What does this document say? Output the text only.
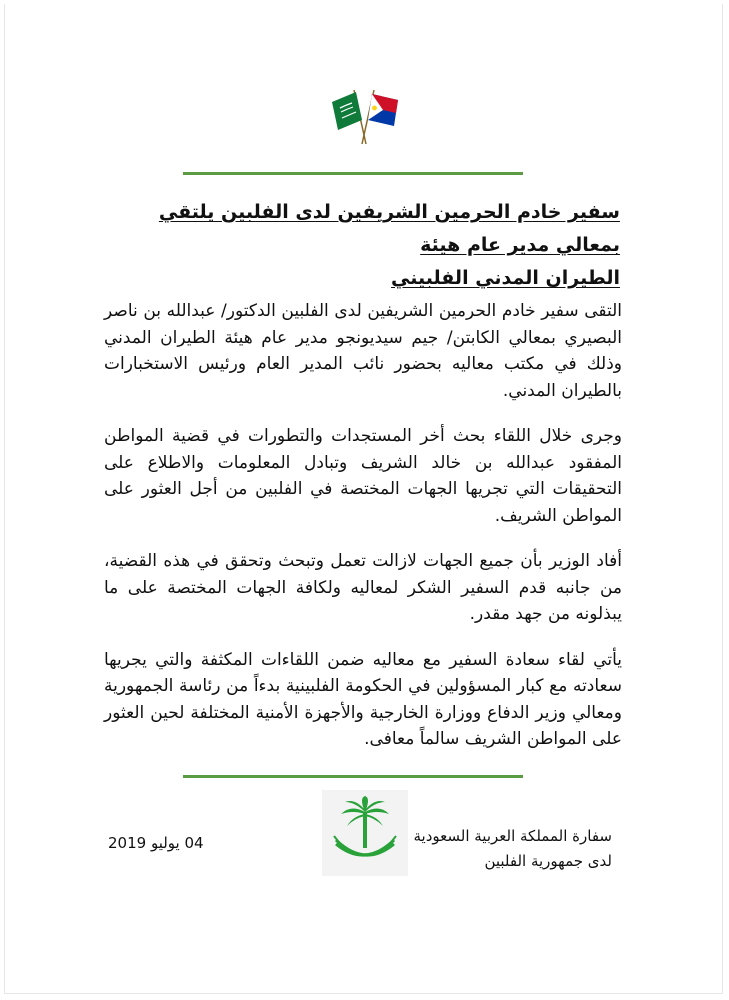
سفير خادم الحرمين الشريفين لدى الفلبين يلتقي بمعالي مدير عام هيئة
الطيران المدني الفلبيني

التقى سفير خادم الحرمين الشريفين لدى الفلبين الدكتور/ عبدالله بن ناصر البصيري بمعالي الكابتن/ جيم سيديونجو مدير عام هيئة الطيران المدني وذلك في مكتب معاليه بحضور نائب المدير العام ورئيس الاستخبارات بالطيران المدني.

وجرى خلال اللقاء بحث أخر المستجدات والتطورات في قضية المواطن المفقود عبدالله بن خالد الشريف وتبادل المعلومات والاطلاع على التحقيقات التي تجريها الجهات المختصة في الفلبين من أجل العثور على المواطن الشريف.

أفاد الوزير بأن جميع الجهات لازالت تعمل وتبحث وتحقق في هذه القضية، من جانبه قدم السفير الشكر لمعاليه ولكافة الجهات المختصة على ما يبذلونه من جهد مقدر.

يأتي لقاء سعادة السفير مع معاليه ضمن اللقاءات المكثفة والتي يجريها سعادته مع كبار المسؤولين في الحكومة الفلبينية بدءاً من رئاسة الجمهورية ومعالي وزير الدفاع ووزارة الخارجية والأجهزة الأمنية المختلفة لحين العثور على المواطن الشريف سالماً معافى.

04 يوليو 2019	سفارة المملكة العربية السعودية
لدى جمهورية الفلبين
